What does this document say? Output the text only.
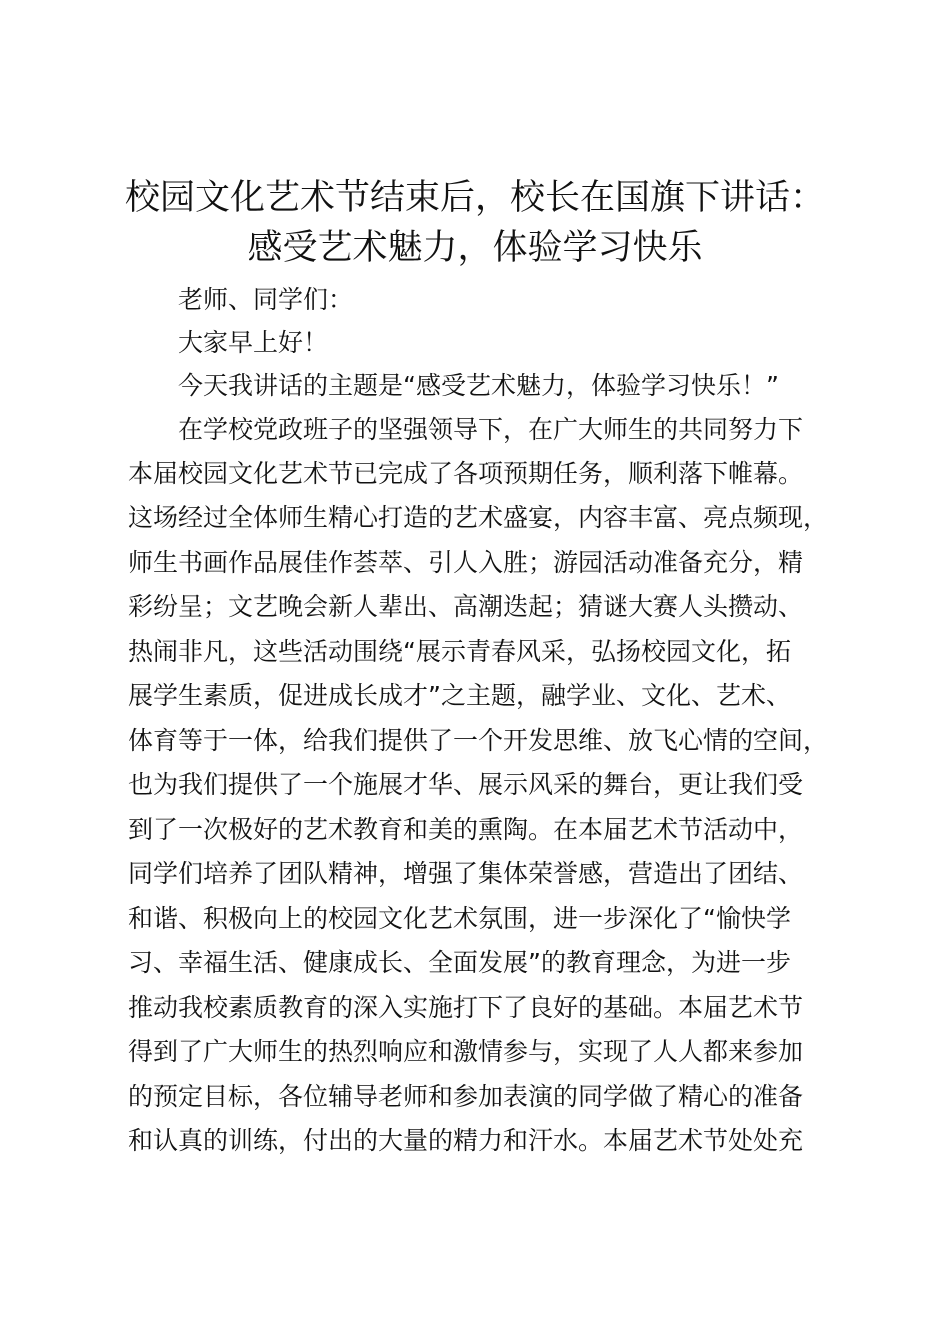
校园文化艺术节结束后，校长在国旗下讲话：
感受艺术魅力，体验学习快乐
老师、同学们：
大家早上好！
今天我讲话的主题是“感受艺术魅力，体验学习快乐！”
在学校党政班子的坚强领导下，在广大师生的共同努力下
本届校园文化艺术节已完成了各项预期任务，顺利落下帷幕。
这场经过全体师生精心打造的艺术盛宴，内容丰富、亮点频现，
师生书画作品展佳作荟萃、引人入胜；游园活动准备充分，精
彩纷呈；文艺晚会新人辈出、高潮迭起；猜谜大赛人头攒动、
热闹非凡，这些活动围绕“展示青春风采，弘扬校园文化，拓
展学生素质，促进成长成才”之主题，融学业、文化、艺术、
体育等于一体，给我们提供了一个开发思维、放飞心情的空间，
也为我们提供了一个施展才华、展示风采的舞台，更让我们受
到了一次极好的艺术教育和美的熏陶。在本届艺术节活动中，
同学们培养了团队精神，增强了集体荣誉感，营造出了团结、
和谐、积极向上的校园文化艺术氛围，进一步深化了“愉快学
习、幸福生活、健康成长、全面发展”的教育理念，为进一步
推动我校素质教育的深入实施打下了良好的基础。本届艺术节
得到了广大师生的热烈响应和激情参与，实现了人人都来参加
的预定目标，各位辅导老师和参加表演的同学做了精心的准备
和认真的训练，付出的大量的精力和汗水。本届艺术节处处充
